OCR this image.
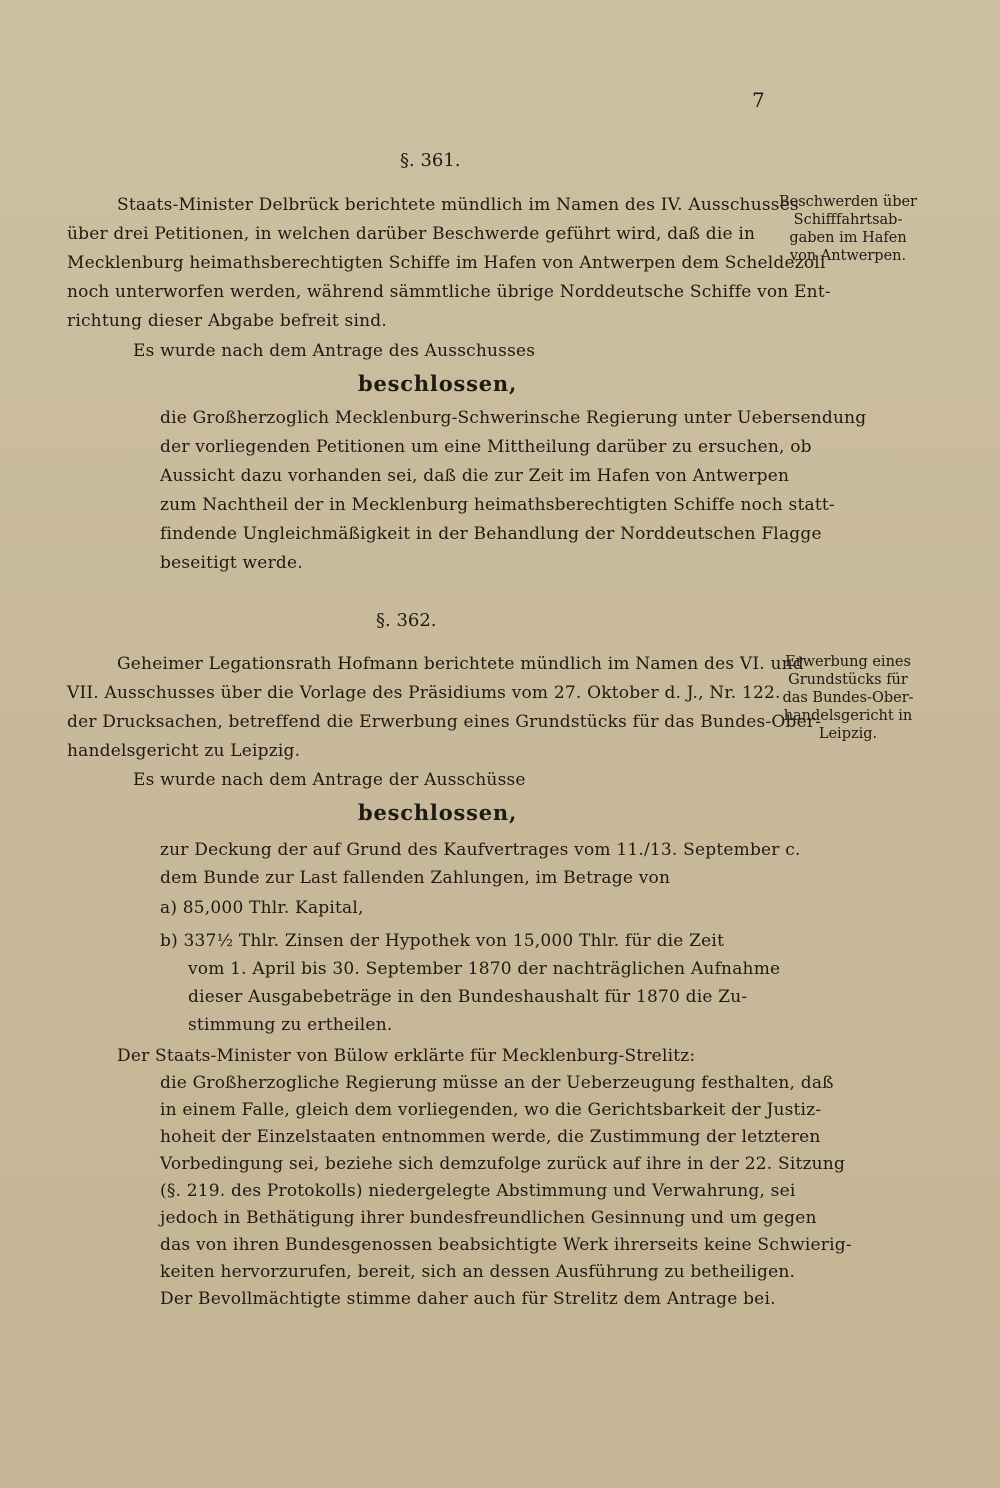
7
§. 361.
Staats-Minister Delbrück berichtete mündlich im Namen des IV. Ausschusses
über drei Petitionen, in welchen darüber Beschwerde geführt wird, daß die in
Mecklenburg heimathsberechtigten Schiffe im Hafen von Antwerpen dem Scheldezoll
noch unterworfen werden, während sämmtliche übrige Norddeutsche Schiffe von Ent-
richtung dieser Abgabe befreit sind.
Es wurde nach dem Antrage des Ausschusses
beschlossen,
die Großherzoglich Mecklenburg-Schwerinsche Regierung unter Uebersendung
der vorliegenden Petitionen um eine Mittheilung darüber zu ersuchen, ob
Aussicht dazu vorhanden sei, daß die zur Zeit im Hafen von Antwerpen
zum Nachtheil der in Mecklenburg heimathsberechtigten Schiffe noch statt-
findende Ungleichmäßigkeit in der Behandlung der Norddeutschen Flagge
beseitigt werde.
Beschwerden über
Schifffahrtsab-
gaben im Hafen
von Antwerpen.
§. 362.
Geheimer Legationsrath Hofmann berichtete mündlich im Namen des VI. und
VII. Ausschusses über die Vorlage des Präsidiums vom 27. Oktober d. J., Nr. 122.
der Drucksachen, betreffend die Erwerbung eines Grundstücks für das Bundes-Ober-
handelsgericht zu Leipzig.
Es wurde nach dem Antrage der Ausschüsse
beschlossen,
zur Deckung der auf Grund des Kaufvertrages vom 11./13. September c.
dem Bunde zur Last fallenden Zahlungen, im Betrage von
a) 85,000 Thlr. Kapital,
b) 337½ Thlr. Zinsen der Hypothek von 15,000 Thlr. für die Zeit
vom 1. April bis 30. September 1870 der nachträglichen Aufnahme
dieser Ausgabebeträge in den Bundeshaushalt für 1870 die Zu-
stimmung zu ertheilen.
Der Staats-Minister von Bülow erklärte für Mecklenburg-Strelitz:
die Großherzogliche Regierung müsse an der Ueberzeugung festhalten, daß
in einem Falle, gleich dem vorliegenden, wo die Gerichtsbarkeit der Justiz-
hoheit der Einzelstaaten entnommen werde, die Zustimmung der letzteren
Vorbedingung sei, beziehe sich demzufolge zurück auf ihre in der 22. Sitzung
(§. 219. des Protokolls) niedergelegte Abstimmung und Verwahrung, sei
jedoch in Bethätigung ihrer bundesfreundlichen Gesinnung und um gegen
das von ihren Bundesgenossen beabsichtigte Werk ihrerseits keine Schwierig-
keiten hervorzurufen, bereit, sich an dessen Ausführung zu betheiligen.
Der Bevollmächtigte stimme daher auch für Strelitz dem Antrage bei.
Erwerbung eines
Grundstücks für
das Bundes-Ober-
handelsgericht in
Leipzig.
